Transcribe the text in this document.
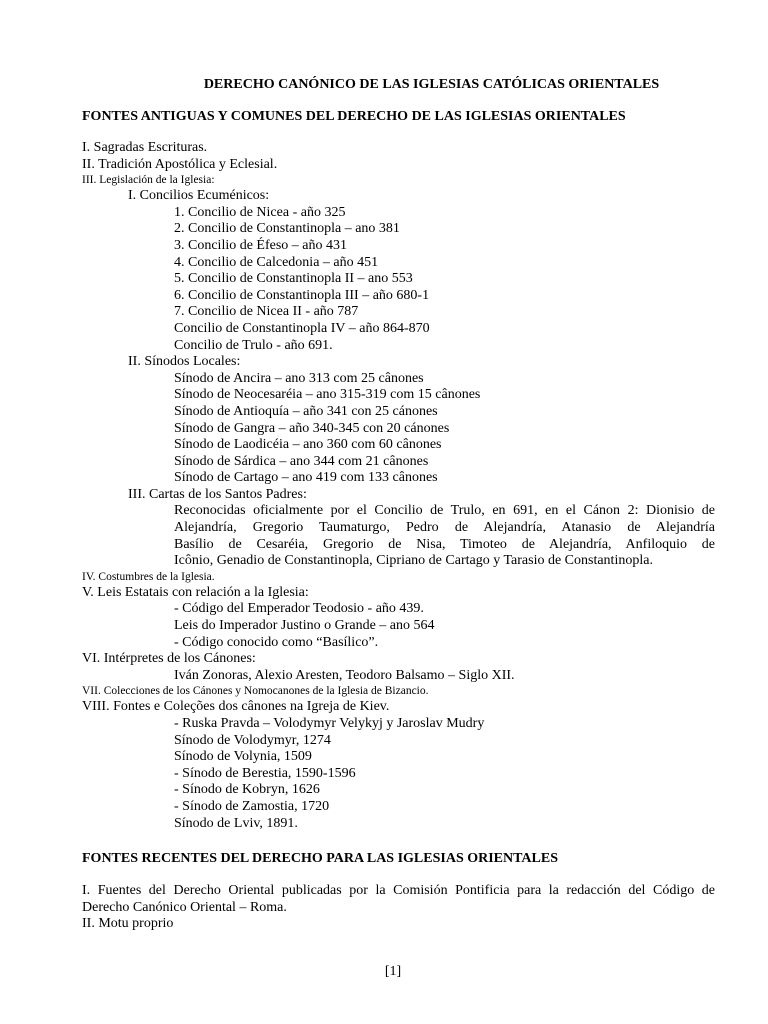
DERECHO CANÓNICO DE LAS IGLESIAS CATÓLICAS ORIENTALES
FONTES ANTIGUAS Y COMUNES DEL DERECHO DE LAS IGLESIAS ORIENTALES
I. Sagradas Escrituras.
II. Tradición Apostólica y Eclesial.
III. Legislación de la Iglesia:
I. Concilios Ecuménicos:
1. Concilio de Nicea - año 325
2. Concilio de Constantinopla – ano 381
3. Concilio de Éfeso – año 431
4. Concilio de Calcedonia – año 451
5. Concilio de Constantinopla II – ano 553
6. Concilio de Constantinopla III – año 680-1
7. Concilio de Nicea II - año 787
Concilio de Constantinopla IV – año 864-870
Concilio de Trulo - año 691.
II. Sínodos Locales:
Sínodo de Ancira – ano 313 com 25 cânones
Sínodo de Neocesaréia – ano 315-319 com 15 cânones
Sínodo de Antioquía – año 341 con 25 cánones
Sínodo de Gangra – año 340-345 con 20 cánones
Sínodo de Laodicéia – ano 360 com 60 cânones
Sínodo de Sárdica – ano 344 com 21 cânones
Sínodo de Cartago – ano 419 com 133 cânones
III. Cartas de los Santos Padres:
Reconocidas oficialmente por el Concilio de Trulo, en 691, en el Cánon 2: Dionisio de
Alejandría, Gregorio Taumaturgo, Pedro de Alejandría, Atanasio de Alejandría
Basílio de Cesaréia, Gregorio de Nisa, Timoteo de Alejandría, Anfiloquio de
Icônio, Genadio de Constantinopla, Cipriano de Cartago y Tarasio de Constantinopla.
IV. Costumbres de la Iglesia.
V. Leis Estatais con relación a la Iglesia:
- Código del Emperador Teodosio - año 439.
Leis do Imperador Justino o Grande – ano 564
- Código conocido como “Basílico”.
VI. Intérpretes de los Cánones:
Iván Zonoras, Alexio Aresten, Teodoro Balsamo – Siglo XII.
VII. Colecciones de los Cánones y Nomocanones de la Iglesia de Bizancio.
VIII. Fontes e Coleções dos cânones na Igreja de Kiev.
- Ruska Pravda – Volodymyr Velykyj y Jaroslav Mudry
Sínodo de Volodymyr, 1274
Sínodo de Volynia, 1509
- Sínodo de Berestia, 1590-1596
- Sínodo de Kobryn, 1626
- Sínodo de Zamostia, 1720
Sínodo de Lviv, 1891.
FONTES RECENTES DEL DERECHO PARA LAS IGLESIAS ORIENTALES
I. Fuentes del Derecho Oriental publicadas por la Comisión Pontificia para la redacción del Código de
Derecho Canónico Oriental – Roma.
II. Motu proprio
[1]
